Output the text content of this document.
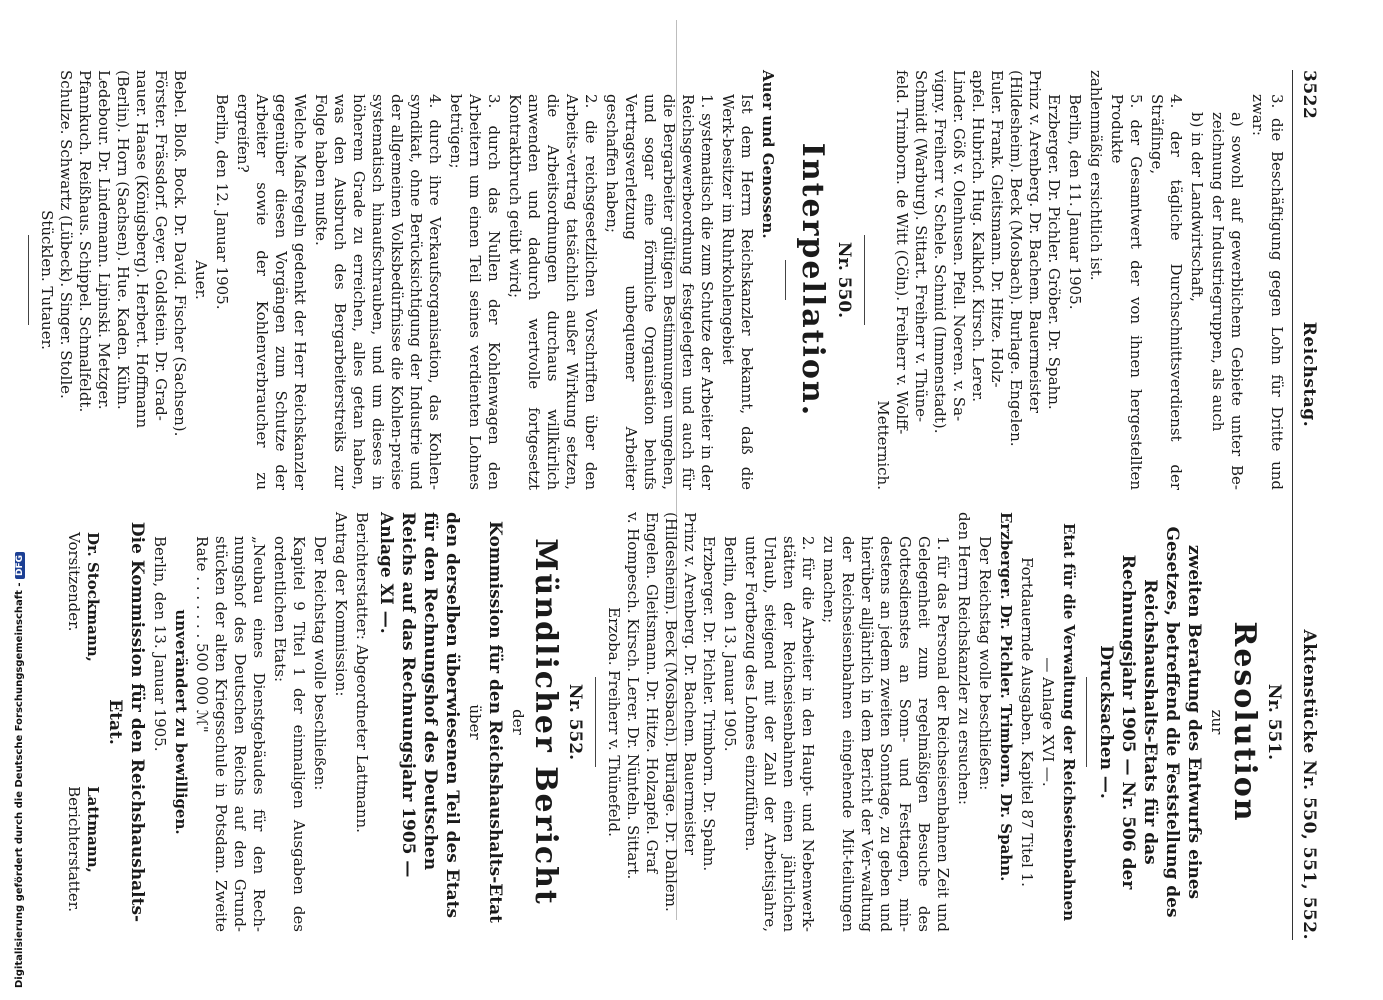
Digitalisierung gefördert durch die Deutsche Forschungsgemeinschaft - DFG
3522
Reichstag.
Aktenstücke Nr. 550, 551, 552.

3. die Beschäftigung gegen Lohn für Dritte und zwar:

a) sowohl auf gewerblichem Gebiete unter Be-zeichnung der Industriegruppen, als auch

b) in der Landwirtschaft,

4. der tägliche Durchschnittsverdienst der Sträflinge,

5. der Gesamtwert der von ihnen hergestellten Produkte

zahlenmäßig ersichtlich ist.

Berlin, den 11. Januar 1905.

Erzberger. Dr. Pichler. Gröber. Dr. Spahn.

Prinz v. Arenberg. Dr. Bachem. Bauermeister

(Hildesheim). Beck (Mosbach). Burlage. Engelen.

Euler. Frank. Gleitsmann. Dr. Hitze. Holz-

apfel. Hubrich. Hug. Kalkhof. Kirsch. Lerer.

Linder. Göß v. Olenhusen. Pfell. Noeren. v. Sa-

vigny. Freiherr v. Schele. Schmid (Immenstadt).

Schmidt (Warburg). Sittart. Freiherr v. Thüne-

feld. Trimborn. de Witt (Cöln). Freiherr v. Wolff-

Metternich.

Nr. 550.

Interpellation.

Auer und Genossen.

Ist dem Herrn Reichskanzler bekannt, daß die Werk-besitzer im Ruhrkohlengebiet

1. systematisch die zum Schutze der Arbeiter in der Reichsgewerbeordnung festgelegten und auch für die Bergarbeiter gültigen Bestimmungen umgehen, und sogar eine förmliche Organisation behufs Vertragsverletzung unbequemer Arbeiter geschaffen haben;

2. die reichsgesetzlichen Vorschriften über den Arbeits-vertrag tatsächlich außer Wirkung setzen, die Arbeitsordnungen durchaus willkürlich anwenden und dadurch wertvolle fortgesetzt Kontraktbruch geübt wird;

3. durch das Nullen der Kohlenwagen den Arbeitern um einen Teil seines verdienten Lohnes betrügen;

4. durch ihre Verkaufsorganisation, das Kohlen-syndikat, ohne Berücksichtigung der Industrie und der allgemeinen Volksbedürfnisse die Kohlen-preise systematisch hinaufschrauben, und um dieses in höherem Grade zu erreichen, alles getan haben, was den Ausbruch des Bergarbeiterstreiks zur Folge haben mußte.

Welche Maßregeln gedenkt der Herr Reichskanzler gegenüber diesen Vorgängen zum Schutze der Arbeiter sowie der Kohlenverbraucher zu ergreifen?

Berlin, den 12. Januar 1905.

Auer.

Bebel. Bloß. Bock. Dr. David. Fischer (Sachsen).

Förster. Frässdorf. Geyer. Goldstein. Dr. Grad-

nauer. Haase (Königsberg). Herbert. Hoffmann

(Berlin). Horn (Sachsen). Hue. Kaden. Kühn.

Ledebour. Dr. Lindemann. Lipinski. Metzger.

Pfannkuch. Reißhaus. Schippel. Schmalfeldt.

Schulze. Schwartz (Lübeck). Singer. Stolle.

Stücklen. Tutauer.

Nr. 551.

Resolution

zur

zweiten Beratung des Entwurfs eines Gesetzes, betreffend die Feststellung des Reichshaushalts-Etats für das Rechnungsjahr 1905 — Nr. 506 der Drucksachen —.

Etat für die Verwaltung der Reichseisenbahnen

— Anlage XVI —.

Fortdauernde Ausgaben. Kapitel 87 Titel 1.

Erzberger. Dr. Pichler. Trimborn. Dr. Spahn.

Der Reichstag wolle beschließen:

den Herrn Reichskanzler zu ersuchen:

1. für das Personal der Reichseisenbahnen Zeit und Gelegenheit zum regelmäßigen Besuche des Gottesdienstes an Sonn- und Festtagen, min-destens an jedem zweiten Sonntage, zu geben und hierüber alljährlich in dem Bericht der Ver-waltung der Reichseisenbahnen eingehende Mit-teilungen zu machen;

2. für die Arbeiter in den Haupt- und Nebenwerk-stätten der Reichseisenbahnen einen jährlichen Urlaub, steigend mit der Zahl der Arbeitsjahre, unter Fortbezug des Lohnes einzuführen.

Berlin, den 13. Januar 1905.

Erzberger. Dr. Pichler. Trimborn. Dr. Spahn.

Prinz v. Arenberg. Dr. Bachem. Bauermeister

(Hildesheim). Beck (Mosbach). Burlage. Dr. Dahlem.

Engelen. Gleitsmann. Dr. Hitze. Holzapfel. Graf

v. Hompesch. Kirsch. Lerer. Dr. Nünteln. Sittart.

Erzoba. Freiherr v. Thünefeld.

Nr. 552.

Mündlicher Bericht

der

Kommission für den Reichshaushalts-Etat

über

den derselben überwiesenen Teil des Etats für den Rechnungshof des Deutschen Reichs auf das Rechnungsjahr 1905 — Anlage XI —.

Berichterstatter: Abgeordneter Lattmann.

Antrag der Kommission:

Der Reichstag wolle beschließen:

Kapitel 9 Titel 1 der einmaligen Ausgaben des ordentlichen Etats:

„Neubau eines Dienstgebäudes für den Rech-nungshof des Deutschen Reichs auf den Grund-stücken der alten Kriegsschule in Potsdam. Zweite Rate . . . . . . . 500 000 ℳ"

unverändert zu bewilligen.

Berlin, den 13. Januar 1905.

Die Kommission für den Reichshaushalts-Etat.

Dr. Stockmann,

Vorsitzender.

Lattmann,

Berichterstatter.
